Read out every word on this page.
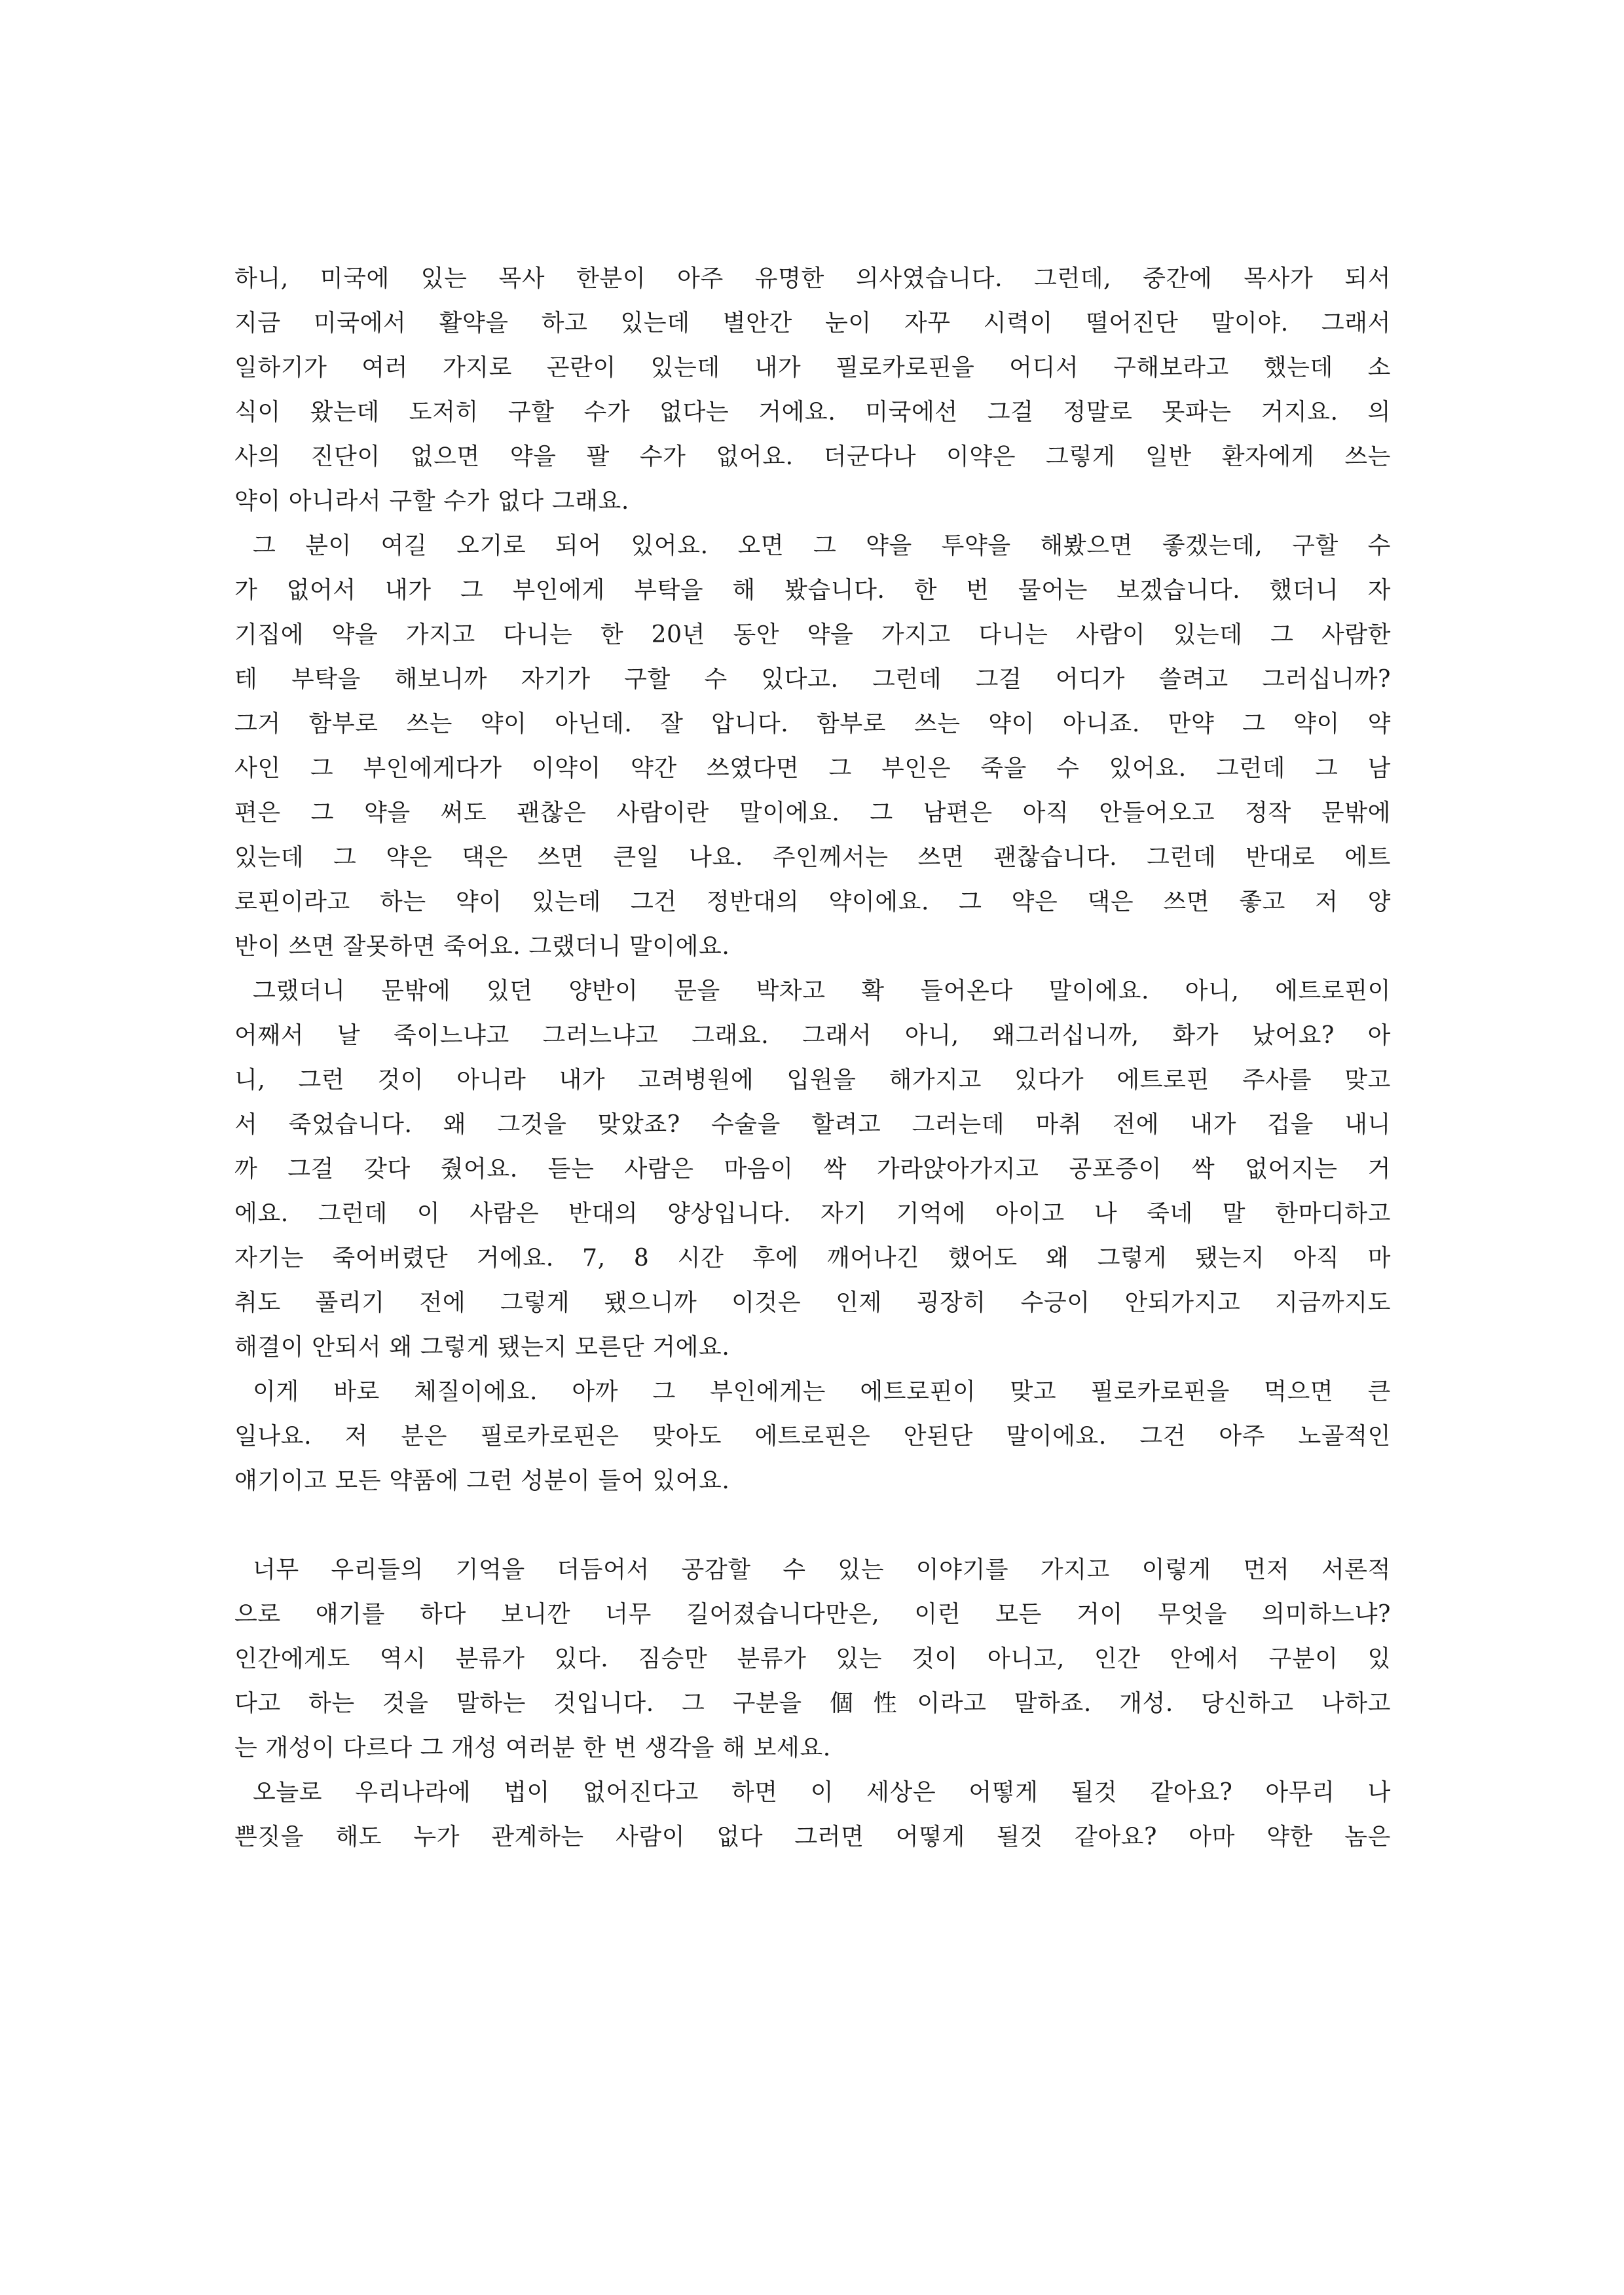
하니, 미국에 있는 목사 한분이 아주 유명한 의사였습니다. 그런데, 중간에 목사가 되서
지금 미국에서 활약을 하고 있는데 별안간 눈이 자꾸 시력이 떨어진단 말이야. 그래서
일하기가 여러 가지로 곤란이 있는데 내가 필로카로핀을 어디서 구해보라고 했는데 소
식이 왔는데 도저히 구할 수가 없다는 거에요. 미국에선 그걸 정말로 못파는 거지요. 의
사의 진단이 없으면 약을 팔 수가 없어요. 더군다나 이약은 그렇게 일반 환자에게 쓰는
약이 아니라서 구할 수가 없다 그래요.
그 분이 여길 오기로 되어 있어요. 오면 그 약을 투약을 해봤으면 좋겠는데, 구할 수
가 없어서 내가 그 부인에게 부탁을 해 봤습니다. 한 번 물어는 보겠습니다. 했더니 자
기집에 약을 가지고 다니는 한 20년 동안 약을 가지고 다니는 사람이 있는데 그 사람한
테 부탁을 해보니까 자기가 구할 수 있다고. 그런데 그걸 어디가 쓸려고 그러십니까?
그거 함부로 쓰는 약이 아닌데. 잘 압니다. 함부로 쓰는 약이 아니죠. 만약 그 약이 약
사인 그 부인에게다가 이약이 약간 쓰였다면 그 부인은 죽을 수 있어요. 그런데 그 남
편은 그 약을 써도 괜찮은 사람이란 말이에요. 그 남편은 아직 안들어오고 정작 문밖에
있는데 그 약은 댁은 쓰면 큰일 나요. 주인께서는 쓰면 괜찮습니다. 그런데 반대로 에트
로핀이라고 하는 약이 있는데 그건 정반대의 약이에요. 그 약은 댁은 쓰면 좋고 저 양
반이 쓰면 잘못하면 죽어요. 그랬더니 말이에요.
그랬더니 문밖에 있던 양반이 문을 박차고 확 들어온다 말이에요. 아니, 에트로핀이
어째서 날 죽이느냐고 그러느냐고 그래요. 그래서 아니, 왜그러십니까, 화가 났어요? 아
니, 그런 것이 아니라 내가 고려병원에 입원을 해가지고 있다가 에트로핀 주사를 맞고
서 죽었습니다. 왜 그것을 맞았죠? 수술을 할려고 그러는데 마취 전에 내가 겁을 내니
까 그걸 갖다 줬어요. 듣는 사람은 마음이 싹 가라앉아가지고 공포증이 싹 없어지는 거
에요. 그런데 이 사람은 반대의 양상입니다. 자기 기억에 아이고 나 죽네 말 한마디하고
자기는 죽어버렸단 거에요. 7, 8 시간 후에 깨어나긴 했어도 왜 그렇게 됐는지 아직 마
취도 풀리기 전에 그렇게 됐으니까 이것은 인제 굉장히 수긍이 안되가지고 지금까지도
해결이 안되서 왜 그렇게 됐는지 모른단 거에요.
이게 바로 체질이에요. 아까 그 부인에게는 에트로핀이 맞고 필로카로핀을 먹으면 큰
일나요. 저 분은 필로카로핀은 맞아도 에트로핀은 안된단 말이에요. 그건 아주 노골적인
얘기이고 모든 약품에 그런 성분이 들어 있어요.
너무 우리들의 기억을 더듬어서 공감할 수 있는 이야기를 가지고 이렇게 먼저 서론적
으로 얘기를 하다 보니깐 너무 길어졌습니다만은, 이런 모든 거이 무엇을 의미하느냐?
인간에게도 역시 분류가 있다. 짐승만 분류가 있는 것이 아니고, 인간 안에서 구분이 있
다고 하는 것을 말하는 것입니다. 그 구분을 個性이라고 말하죠. 개성. 당신하고 나하고
는 개성이 다르다 그 개성 여러분 한 번 생각을 해 보세요.
오늘로 우리나라에 법이 없어진다고 하면 이 세상은 어떻게 될것 같아요? 아무리 나
쁜짓을 해도 누가 관계하는 사람이 없다 그러면 어떻게 될것 같아요? 아마 약한 놈은
